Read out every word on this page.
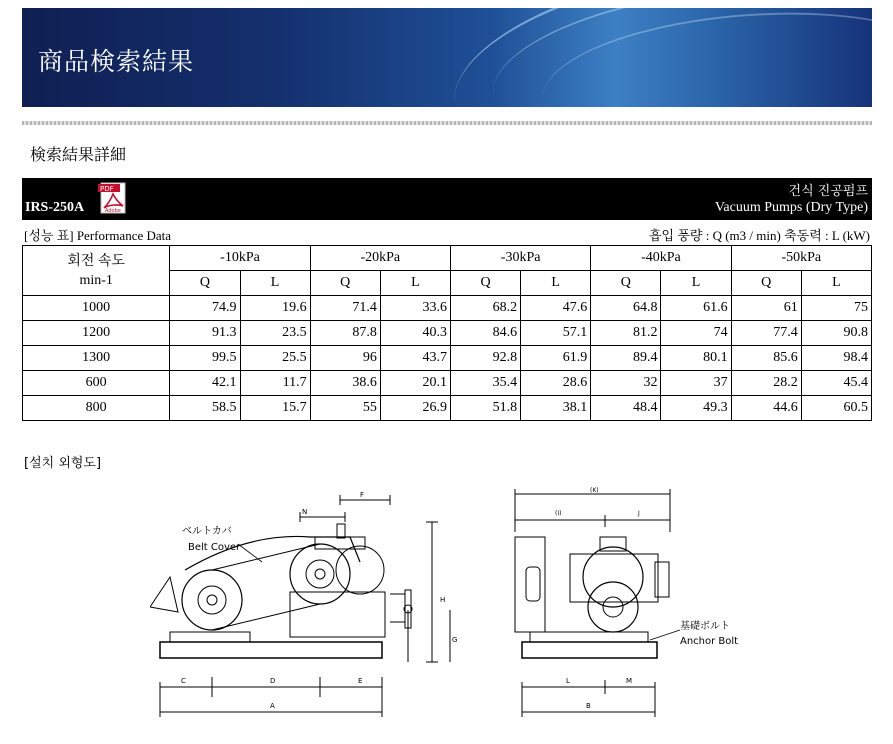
商品検索結果
検索結果詳細
IRS-250A
PDF
Adobe
건식 진공펌프
Vacuum Pumps (Dry Type)
[성능 표] Performance Data	흡입 풍량 : Q (m3 / min) 축동력 : L (kW)
회전 속도
min-1	-10kPa		-20kPa		-30kPa		-40kPa		-50kPa	
	Q	L	Q	L	Q	L	Q	L	Q	L
1000	74.9	19.6	71.4	33.6	68.2	47.6	64.8	61.6	61	75
1200	91.3	23.5	87.8	40.3	84.6	57.1	81.2	74	77.4	90.8
1300	99.5	25.5	96	43.7	92.8	61.9	89.4	80.1	85.6	98.4
600	42.1	11.7	38.6	20.1	35.4	28.6	32	37	28.2	45.4
800	58.5	15.7	55	26.9	51.8	38.1	48.4	49.3	44.6	60.5
[설치 외형도]
C	D	E
A
N
F
H
G
ベルトカバ
Belt Cover
(K)
(I)	J
L	M
B
基礎ボルト
Anchor Bolt
